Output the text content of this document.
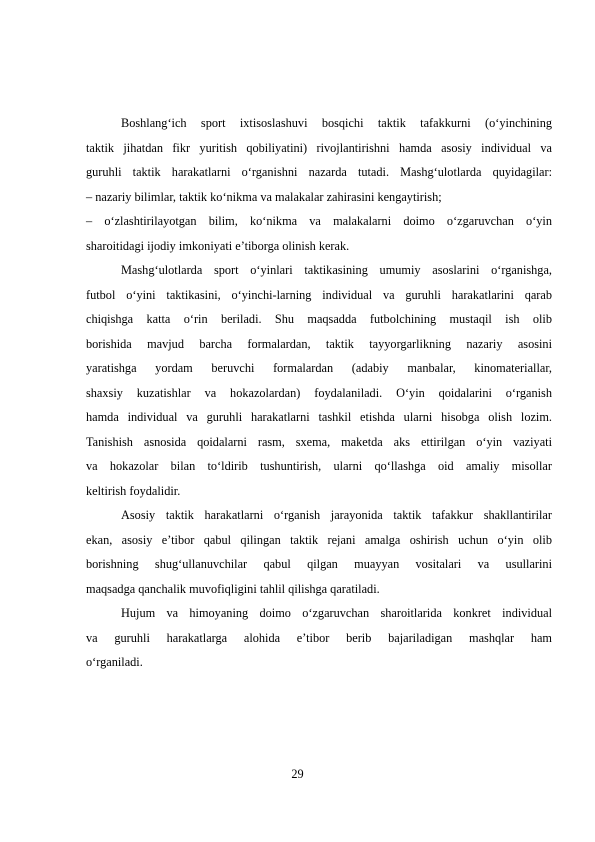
Boshlang‘ich sport ixtisoslashuvi bosqichi taktik tafakkurni (o‘yinchining
taktik jihatdan fikr yuritish qobiliyatini) rivojlantirishni hamda asosiy individual va
guruhli taktik harakatlarni o‘rganishni nazarda tutadi. Mashg‘ulotlarda quyidagilar:
– nazariy bilimlar, taktik ko‘nikma va malakalar zahirasini kengaytirish;
– o‘zlashtirilayotgan bilim, ko‘nikma va malakalarni doimo o‘zgaruvchan o‘yin
sharoitidagi ijodiy imkoniyati e’tiborga olinish kerak.
Mashg‘ulotlarda sport o‘yinlari taktikasining umumiy asoslarini o‘rganishga,
futbol o‘yini taktikasini, o‘yinchi-larning individual va guruhli harakatlarini qarab
chiqishga katta o‘rin beriladi. Shu maqsadda futbolchining mustaqil ish olib
borishida mavjud barcha formalardan, taktik tayyorgarlikning nazariy asosini
yaratishga yordam beruvchi formalardan (adabiy manbalar, kinomateriallar,
shaxsiy kuzatishlar va hokazolardan) foydalaniladi. O‘yin qoidalarini o‘rganish
hamda individual va guruhli harakatlarni tashkil etishda ularni hisobga olish lozim.
Tanishish asnosida qoidalarni rasm, sxema, maketda aks ettirilgan o‘yin vaziyati
va hokazolar bilan to‘ldirib tushuntirish, ularni qo‘llashga oid amaliy misollar
keltirish foydalidir.
Asosiy taktik harakatlarni o‘rganish jarayonida taktik tafakkur shakllantirilar
ekan, asosiy e’tibor qabul qilingan taktik rejani amalga oshirish uchun o‘yin olib
borishning shug‘ullanuvchilar qabul qilgan muayyan vositalari va usullarini
maqsadga qanchalik muvofiqligini tahlil qilishga qaratiladi.
Hujum va himoyaning doimo o‘zgaruvchan sharoitlarida konkret individual
va guruhli harakatlarga alohida e’tibor berib bajariladigan mashqlar ham
o‘rganiladi.
29
